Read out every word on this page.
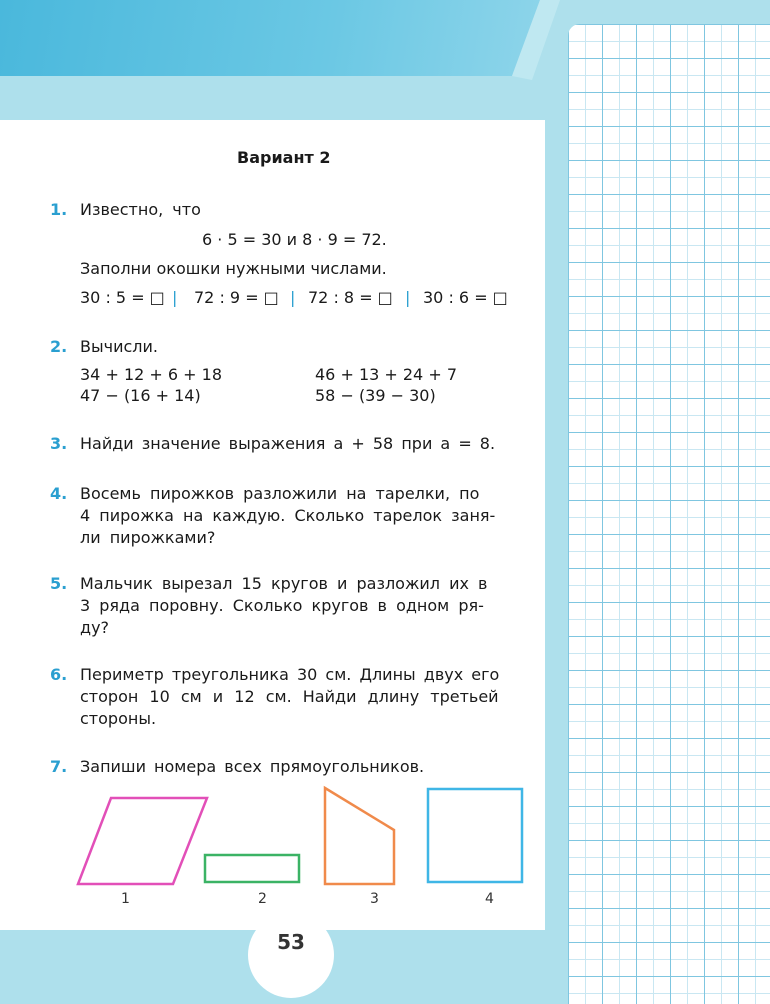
Вариант 2
1. Известно, что
6 · 5 = 30 и 8 · 9 = 72.
Заполни окошки нужными числами.
30 : 5 = □ | 72 : 9 = □ | 72 : 8 = □ | 30 : 6 = □
2. Вычисли.
34 + 12 + 6 + 18	46 + 13 + 24 + 7
47 − (16 + 14)	58 − (39 − 30)
3. Найди значение выражения a + 58 при a = 8.
4. Восемь пирожков разложили на тарелки, по
4 пирожка на каждую. Сколько тарелок заня-
ли пирожками?
5. Мальчик вырезал 15 кругов и разложил их в
3 ряда поровну. Сколько кругов в одном ря-
ду?
6. Периметр треугольника 30 см. Длины двух его
сторон 10 см и 12 см. Найди длину третьей
стороны.
7. Запиши номера всех прямоугольников.
1	2	3	4
53
